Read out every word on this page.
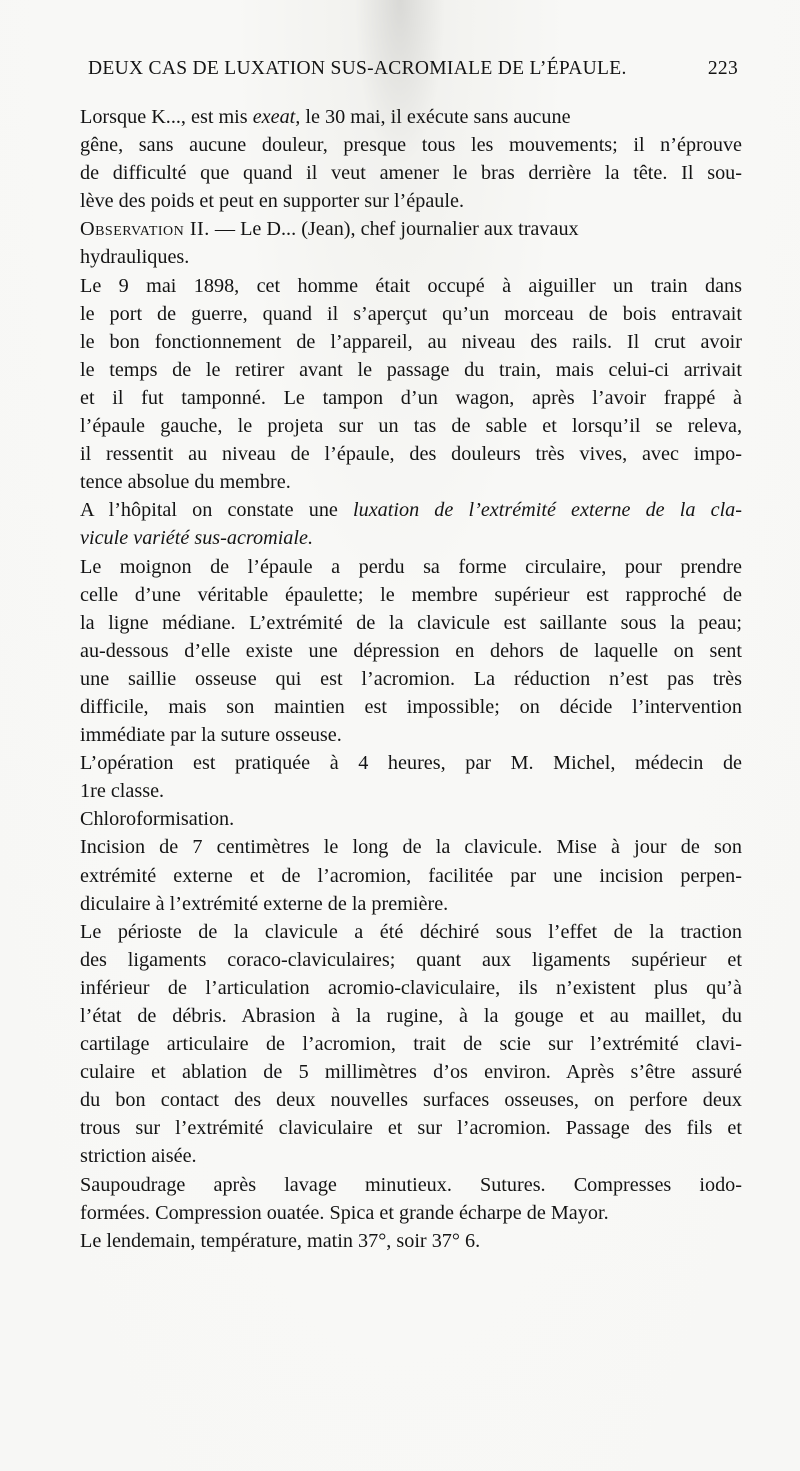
DEUX CAS DE LUXATION SUS-ACROMIALE DE L’ÉPAULE.	223
Lorsque K..., est mis exeat, le 30 mai, il exécute sans aucune
gêne, sans aucune douleur, presque tous les mouvements; il n’éprouve
de difficulté que quand il veut amener le bras derrière la tête. Il sou-
lève des poids et peut en supporter sur l’épaule.
Observation II. — Le D... (Jean), chef journalier aux travaux
hydrauliques.
Le 9 mai 1898, cet homme était occupé à aiguiller un train dans
le port de guerre, quand il s’aperçut qu’un morceau de bois entravait
le bon fonctionnement de l’appareil, au niveau des rails. Il crut avoir
le temps de le retirer avant le passage du train, mais celui-ci arrivait
et il fut tamponné. Le tampon d’un wagon, après l’avoir frappé à
l’épaule gauche, le projeta sur un tas de sable et lorsqu’il se releva,
il ressentit au niveau de l’épaule, des douleurs très vives, avec impo-
tence absolue du membre.
A l’hôpital on constate une luxation de l’extrémité externe de la cla-
vicule variété sus-acromiale.
Le moignon de l’épaule a perdu sa forme circulaire, pour prendre
celle d’une véritable épaulette; le membre supérieur est rapproché de
la ligne médiane. L’extrémité de la clavicule est saillante sous la peau;
au-dessous d’elle existe une dépression en dehors de laquelle on sent
une saillie osseuse qui est l’acromion. La réduction n’est pas très
difficile, mais son maintien est impossible; on décide l’intervention
immédiate par la suture osseuse.
L’opération est pratiquée à 4 heures, par M. Michel, médecin de
1re classe.
Chloroformisation.
Incision de 7 centimètres le long de la clavicule. Mise à jour de son
extrémité externe et de l’acromion, facilitée par une incision perpen-
diculaire à l’extrémité externe de la première.
Le périoste de la clavicule a été déchiré sous l’effet de la traction
des ligaments coraco-claviculaires; quant aux ligaments supérieur et
inférieur de l’articulation acromio-claviculaire, ils n’existent plus qu’à
l’état de débris. Abrasion à la rugine, à la gouge et au maillet, du
cartilage articulaire de l’acromion, trait de scie sur l’extrémité clavi-
culaire et ablation de 5 millimètres d’os environ. Après s’être assuré
du bon contact des deux nouvelles surfaces osseuses, on perfore deux
trous sur l’extrémité claviculaire et sur l’acromion. Passage des fils et
striction aisée.
Saupoudrage après lavage minutieux. Sutures. Compresses iodo-
formées. Compression ouatée. Spica et grande écharpe de Mayor.
Le lendemain, température, matin 37°, soir 37° 6.
